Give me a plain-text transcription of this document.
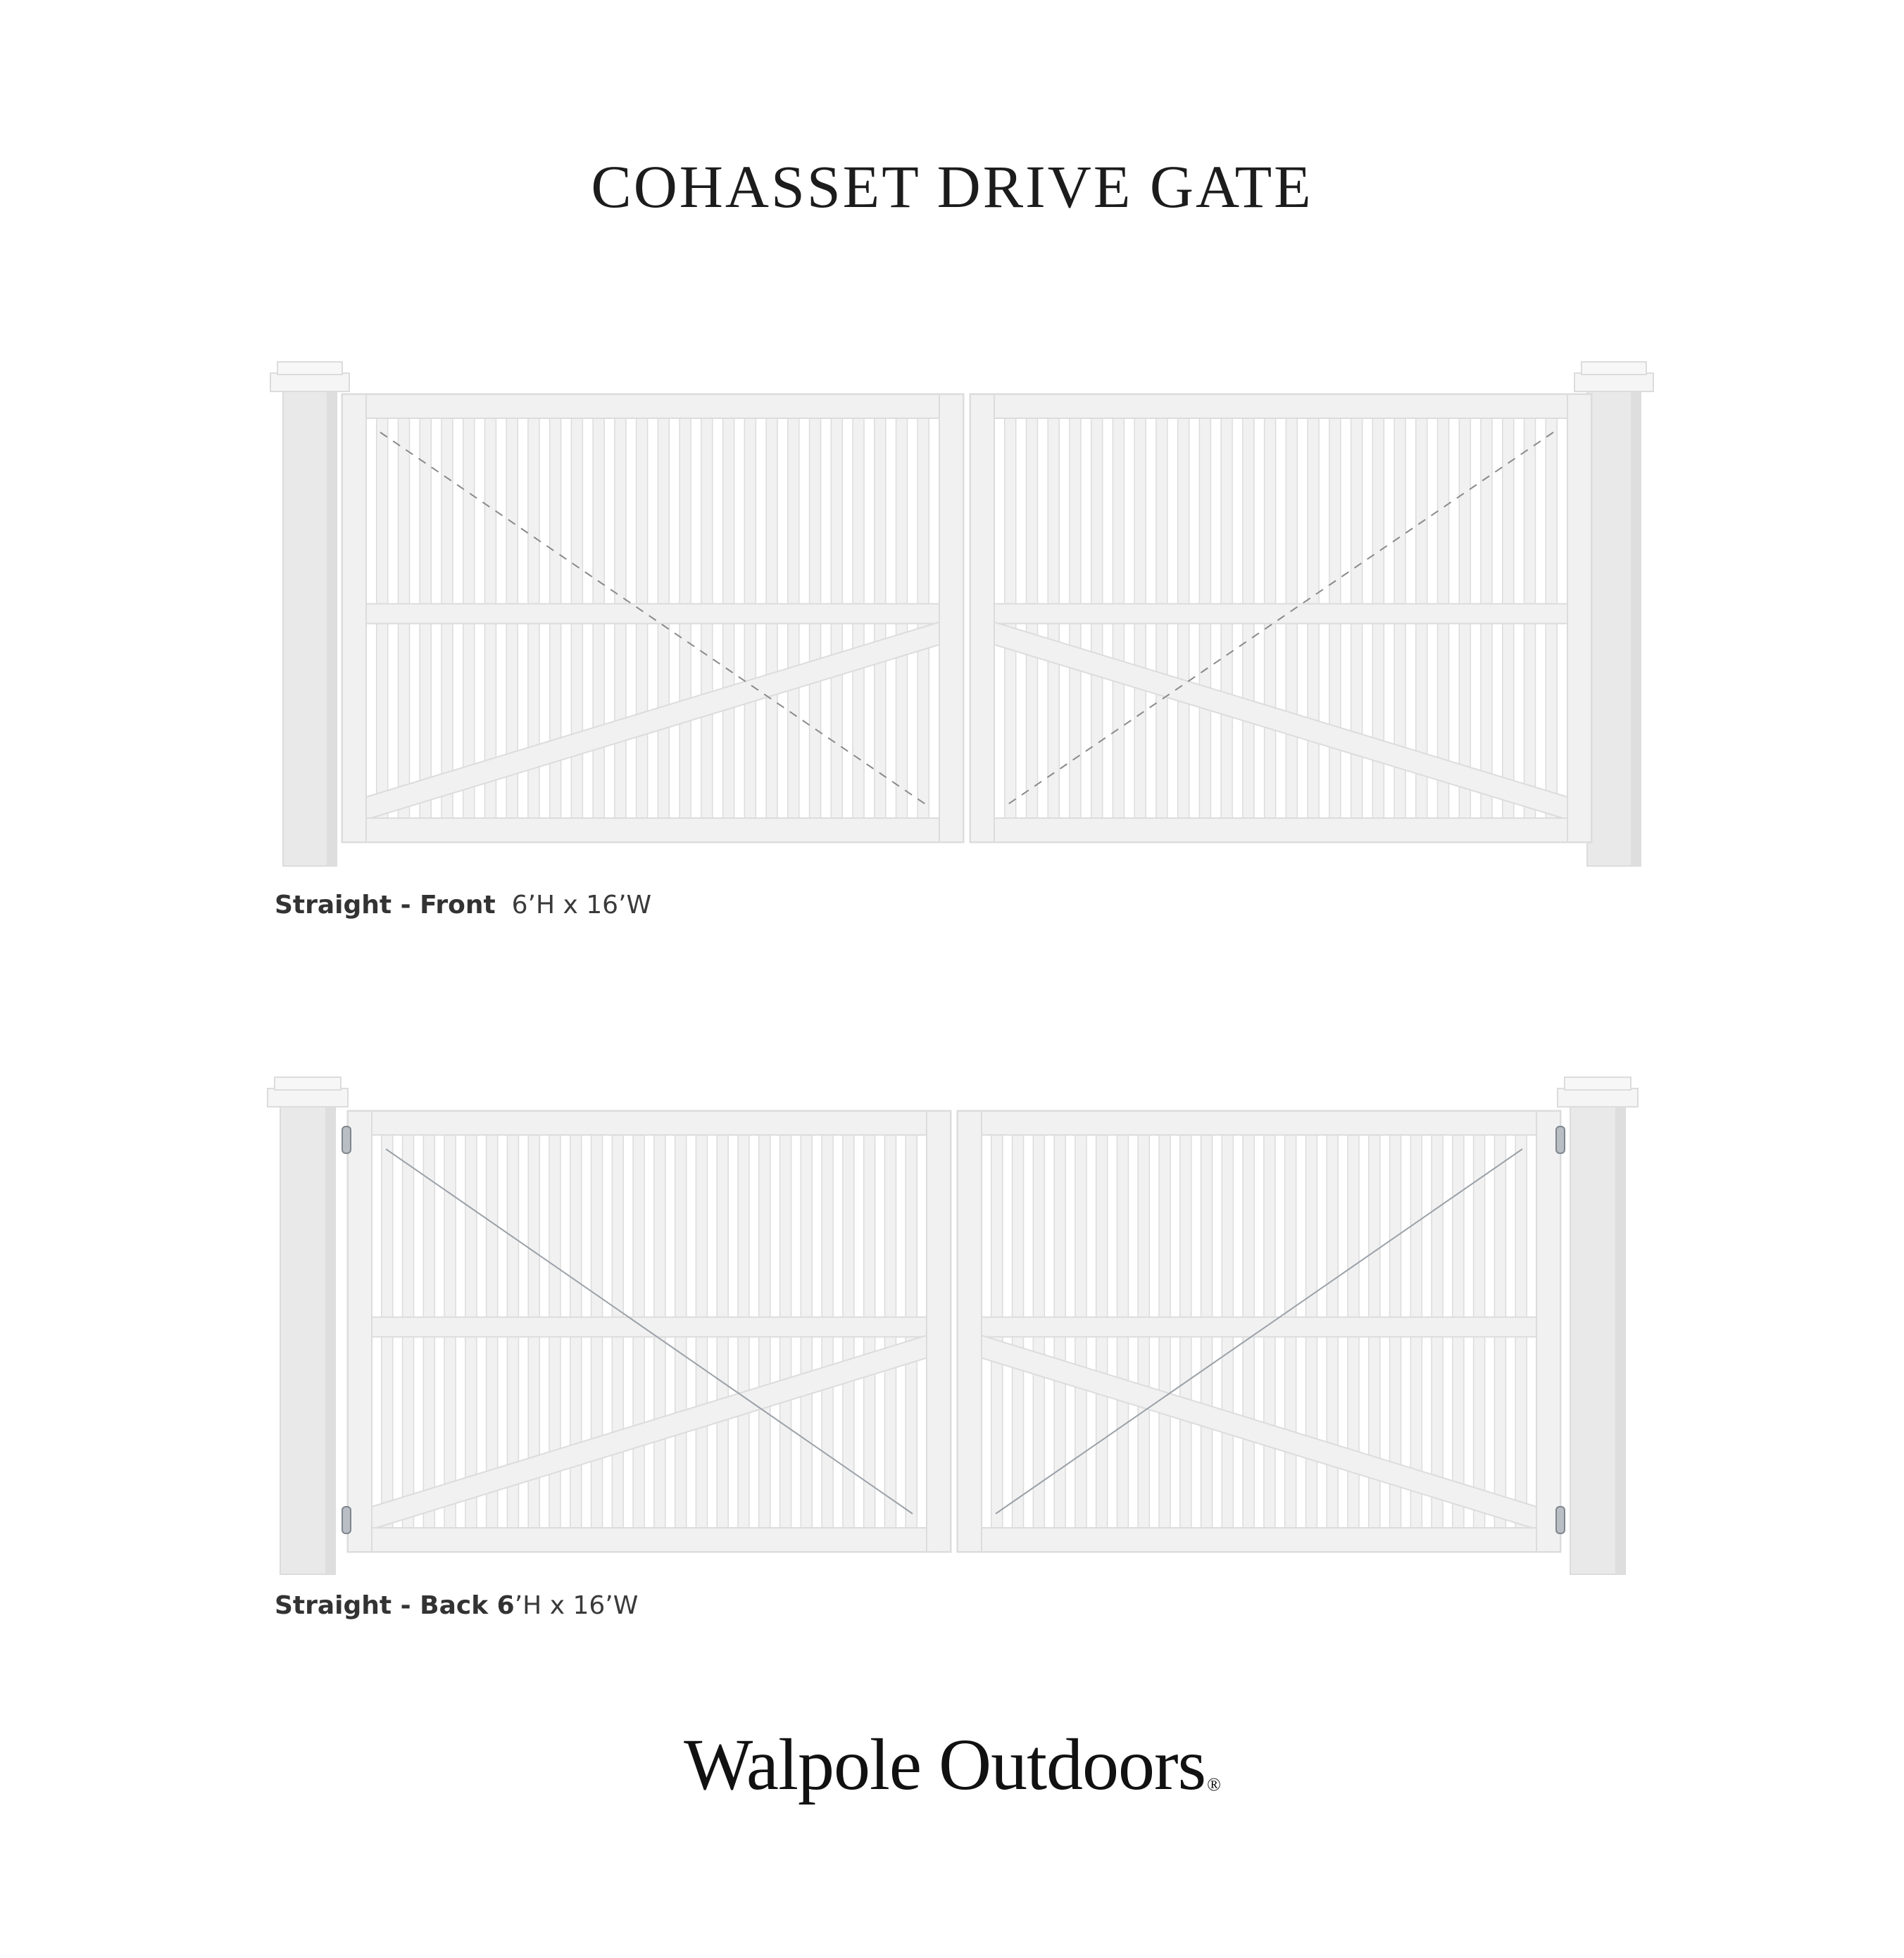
COHASSET DRIVE GATE
Straight - Front 6’H x 16’W
Straight - Back 6’H x 16’W
Walpole Outdoors®
